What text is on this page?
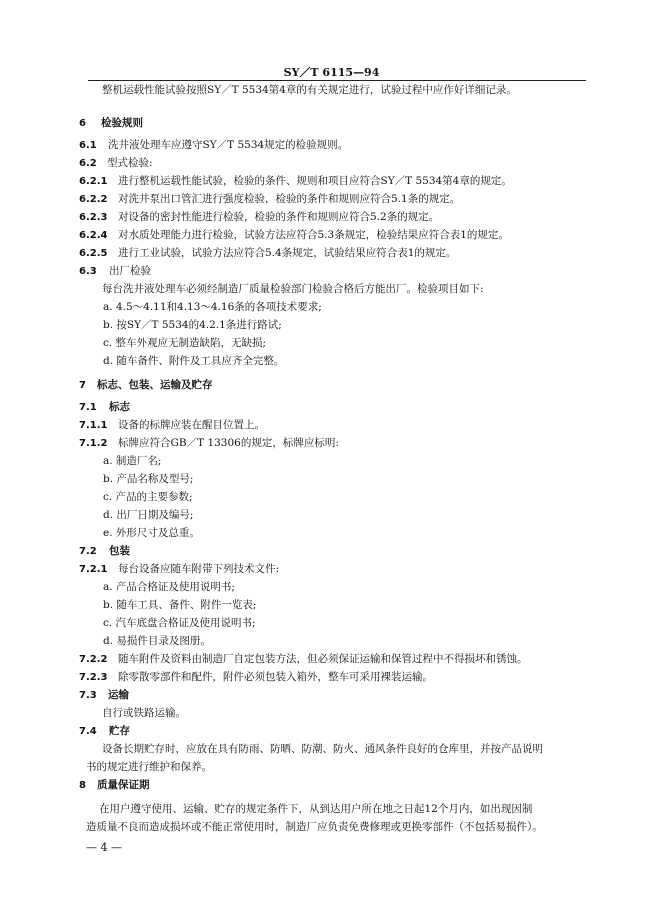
SY／T 6115—94
整机运载性能试验按照SY／T 5534第4章的有关规定进行，试验过程中应作好详细记录。
6 检验规则
6.1 洗井液处理车应遵守SY／T 5534规定的检验规则。
6.2 型式检验:
6.2.1 进行整机运载性能试验，检验的条件、规则和项目应符合SY／T 5534第4章的规定。
6.2.2 对洗井泵出口管汇进行强度检验，检验的条件和规则应符合5.1条的规定。
6.2.3 对设备的密封性能进行检验，检验的条件和规则应符合5.2条的规定。
6.2.4 对水质处理能力进行检验，试验方法应符合5.3条规定，检验结果应符合表1的规定。
6.2.5 进行工业试验，试验方法应符合5.4条规定，试验结果应符合表1的规定。
6.3 出厂检验
每台洗井液处理车必须经制造厂质量检验部门检验合格后方能出厂。检验项目如下:
a. 4.5～4.11和4.13～4.16条的各项技术要求;
b. 按SY／T 5534的4.2.1条进行路试;
c. 整车外观应无制造缺陷，无缺损;
d. 随车备件、附件及工具应齐全完整。
7 标志、包装、运输及贮存
7.1 标志
7.1.1 设备的标牌应装在醒目位置上。
7.1.2 标牌应符合GB／T 13306的规定，标牌应标明:
a. 制造厂名;
b. 产品名称及型号;
c. 产品的主要参数;
d. 出厂日期及编号;
e. 外形尺寸及总重。
7.2 包装
7.2.1 每台设备应随车附带下列技术文件:
a. 产品合格证及使用说明书;
b. 随车工具、备件、附件一览表;
c. 汽车底盘合格证及使用说明书;
d. 易损件目录及图册。
7.2.2 随车附件及资料由制造厂自定包装方法，但必须保证运输和保管过程中不得损坏和锈蚀。
7.2.3 除零散零部件和配件，附件必须包装入箱外，整车可采用裸装运输。
7.3 运输
自行或铁路运输。
7.4 贮存
设备长期贮存时，应放在具有防雨、防晒、防潮、防火、通风条件良好的仓库里，并按产品说明
书的规定进行维护和保养。
8 质量保证期
在用户遵守使用、运输、贮存的规定条件下，从到达用户所在地之日起12个月内，如出现因制
造质量不良而造成损坏或不能正常使用时，制造厂应负责免费修理或更换零部件（不包括易损件）。
— 4 —
